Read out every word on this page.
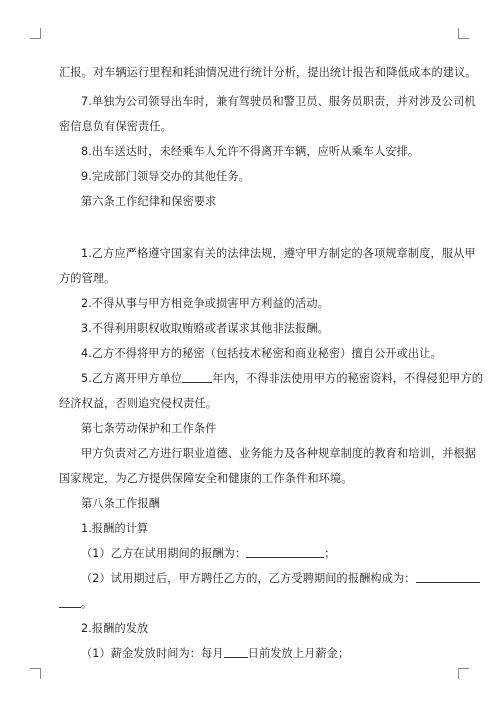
汇报。对车辆运行里程和耗油情况进行统计分析，提出统计报告和降低成本的建议。
7.单独为公司领导出车时，兼有驾驶员和警卫员、服务员职责，并对涉及公司机
密信息负有保密责任。
8.出车送达时，未经乘车人允许不得离开车辆，应听从乘车人安排。
9.完成部门领导交办的其他任务。
第六条工作纪律和保密要求
1.乙方应严格遵守国家有关的法律法规，遵守甲方制定的各项规章制度，服从甲
方的管理。
2.不得从事与甲方相竞争或损害甲方利益的活动。
3.不得利用职权收取贿赂或者谋求其他非法报酬。
4.乙方不得将甲方的秘密（包括技术秘密和商业秘密）擅自公开或出让。
5.乙方离开甲方单位	年内，不得非法使用甲方的秘密资料，不得侵犯甲方的
经济权益，否则追究侵权责任。
第七条劳动保护和工作条件
甲方负责对乙方进行职业道德、业务能力及各种规章制度的教育和培训，并根据
国家规定，为乙方提供保障安全和健康的工作条件和环境。
第八条工作报酬
1.报酬的计算
（1）乙方在试用期间的报酬为：	；
（2）试用期过后，甲方聘任乙方的，乙方受聘期间的报酬构成为：
。
2.报酬的发放
（1）薪金发放时间为：每月 日前发放上月薪金；
